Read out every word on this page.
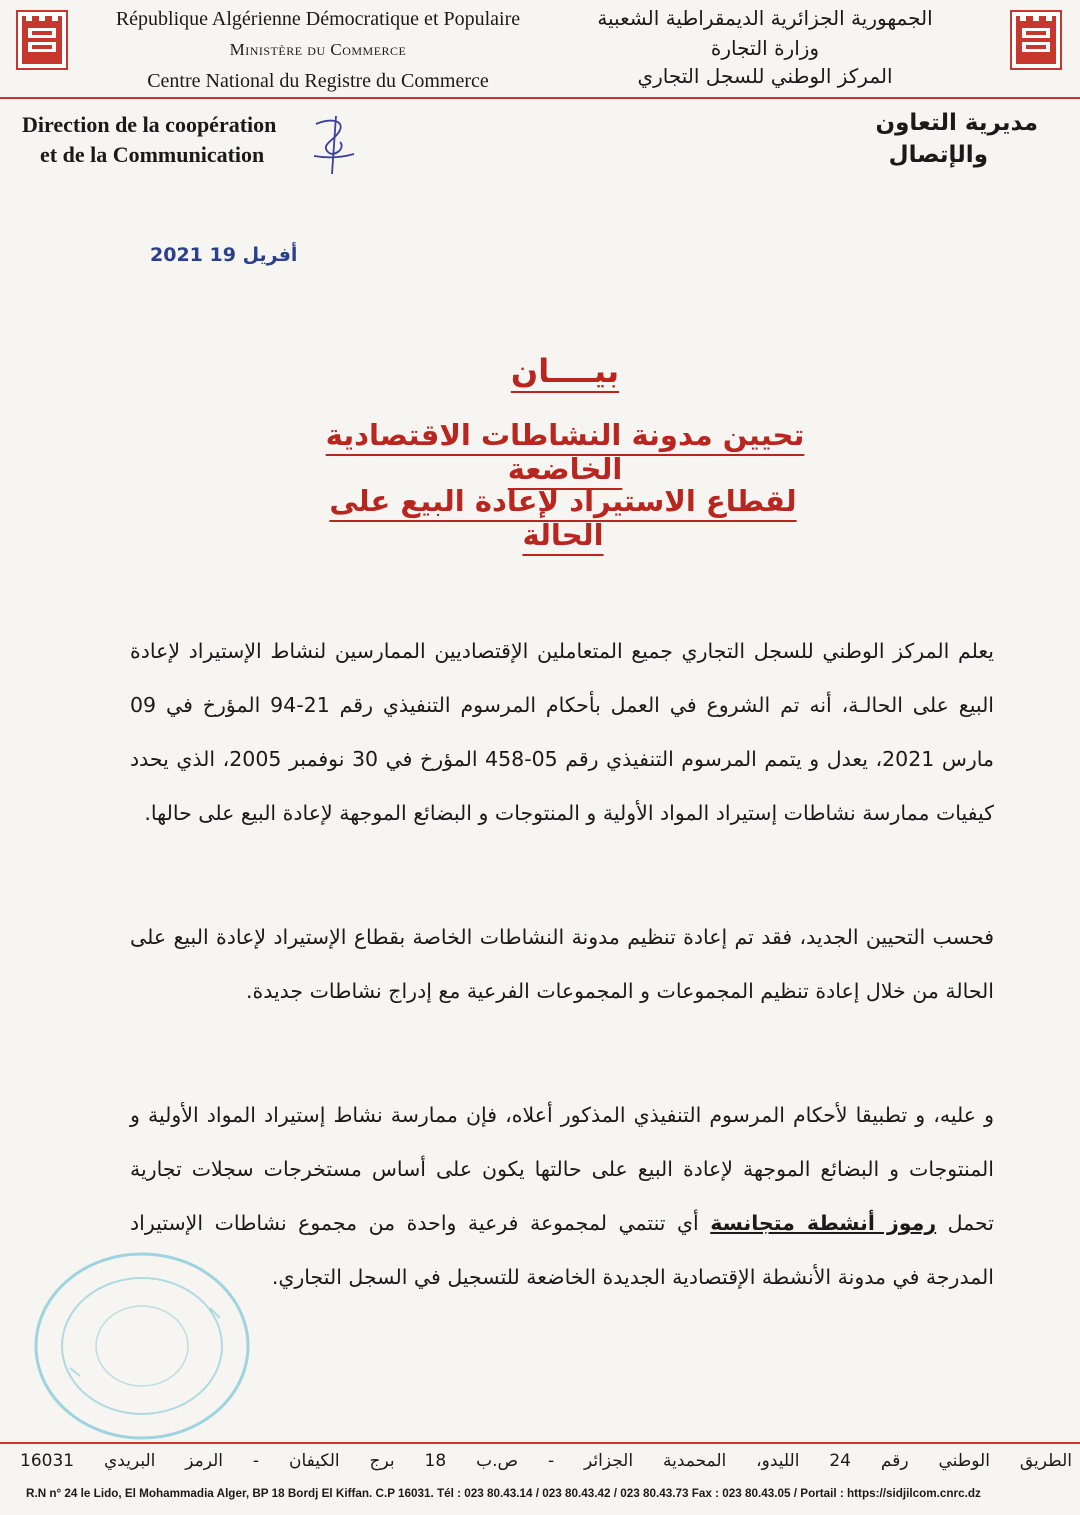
République Algérienne Démocratique et Populaire
Ministère du Commerce
Centre National du Registre du Commerce
الجمهورية الجزائرية الديمقراطية الشعبية
وزارة التجارة
المركز الوطني للسجل التجاري
Direction de la coopération
et de la Communication
مديرية التعاون
والإتصال
2021 أفريل 19
بيــــان
تحيين مدونة النشاطات الاقتصادية الخاضعة
لقطاع الاستيراد لإعادة البيع على الحالة
يعلم المركز الوطني للسجل التجاري جميع المتعاملين الإقتصاديين الممارسين لنشاط الإستيراد لإعادة البيع على الحالـة، أنه تم الشروع في العمل بأحكام المرسوم التنفيذي رقم 21-94 المؤرخ في 09 مارس 2021، يعدل و يتمم المرسوم التنفيذي رقم 05-458 المؤرخ في 30 نوفمبر 2005، الذي يحدد كيفيات ممارسة نشاطات إستيراد المواد الأولية و المنتوجات و البضائع الموجهة لإعادة البيع على حالها.
فحسب التحيين الجديد، فقد تم إعادة تنظيم مدونة النشاطات الخاصة بقطاع الإستيراد لإعادة البيع على الحالة من خلال إعادة تنظيم المجموعات و المجموعات الفرعية مع إدراج نشاطات جديدة.
و عليه، و تطبيقا لأحكام المرسوم التنفيذي المذكور أعلاه، فإن ممارسة نشاط إستيراد المواد الأولية و المنتوجات و البضائع الموجهة لإعادة البيع على حالتها يكون على أساس مستخرجات سجلات تجارية تحمل رموز أنشطة متجانسة أي تنتمي لمجموعة فرعية واحدة من مجموع نشاطات الإستيراد المدرجة في مدونة الأنشطة الإقتصادية الجديدة الخاضعة للتسجيل في السجل التجاري.
الطريق الوطني رقم 24 الليدو، المحمدية الجزائر - ص.ب 18 برج الكيفان - الرمز البريدي 16031
R.N n° 24 le Lido, El Mohammadia Alger, BP 18 Bordj El Kiffan. C.P 16031. Tél : 023 80.43.14 / 023 80.43.42 / 023 80.43.73 Fax : 023 80.43.05 / Portail : https://sidjilcom.cnrc.dz
